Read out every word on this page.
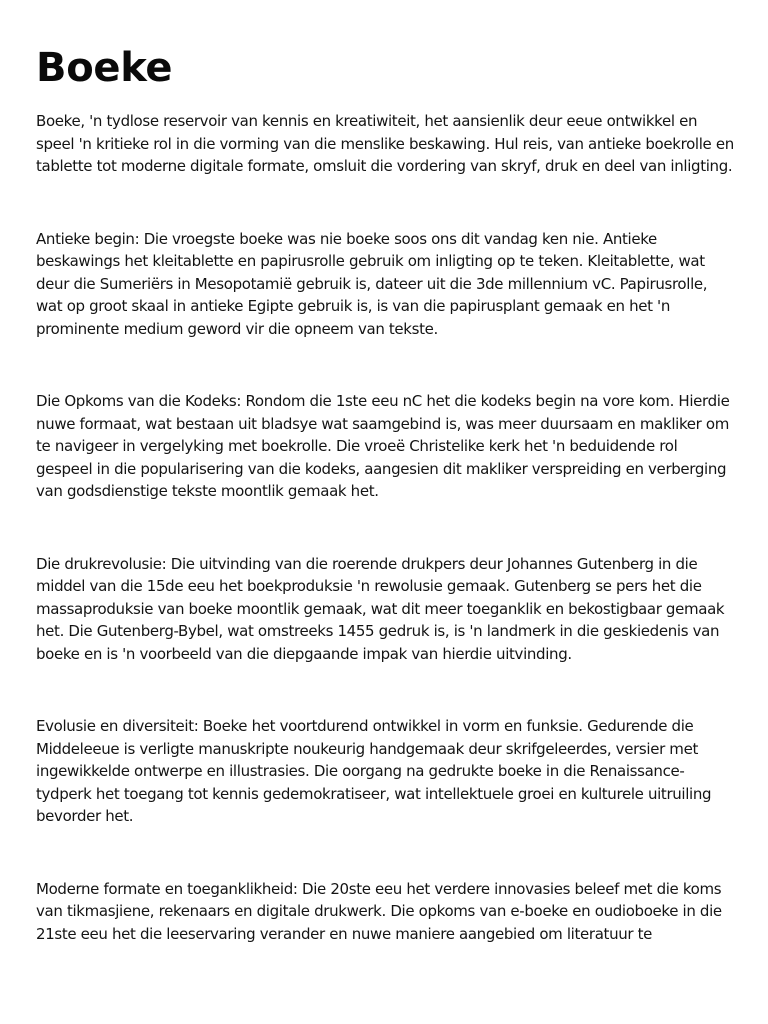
Boeke

Boeke, 'n tydlose reservoir van kennis en kreatiwiteit, het aansienlik deur eeue ontwikkel en speel 'n kritieke rol in die vorming van die menslike beskawing. Hul reis, van antieke boekrolle en tablette tot moderne digitale formate, omsluit die vordering van skryf, druk en deel van inligting.

Antieke begin: Die vroegste boeke was nie boeke soos ons dit vandag ken nie. Antieke beskawings het kleitablette en papirusrolle gebruik om inligting op te teken. Kleitablette, wat deur die Sumeriërs in Mesopotamië gebruik is, dateer uit die 3de millennium vC. Papirusrolle, wat op groot skaal in antieke Egipte gebruik is, is van die papirusplant gemaak en het 'n prominente medium geword vir die opneem van tekste.

Die Opkoms van die Kodeks: Rondom die 1ste eeu nC het die kodeks begin na vore kom. Hierdie nuwe formaat, wat bestaan uit bladsye wat saamgebind is, was meer duursaam en makliker om te navigeer in vergelyking met boekrolle. Die vroeë Christelike kerk het 'n beduidende rol gespeel in die popularisering van die kodeks, aangesien dit makliker verspreiding en verberging van godsdienstige tekste moontlik gemaak het.

Die drukrevolusie: Die uitvinding van die roerende drukpers deur Johannes Gutenberg in die middel van die 15de eeu het boekproduksie 'n rewolusie gemaak. Gutenberg se pers het die massaproduksie van boeke moontlik gemaak, wat dit meer toeganklik en bekostigbaar gemaak het. Die Gutenberg-Bybel, wat omstreeks 1455 gedruk is, is 'n landmerk in die geskiedenis van boeke en is 'n voorbeeld van die diepgaande impak van hierdie uitvinding.

Evolusie en diversiteit: Boeke het voortdurend ontwikkel in vorm en funksie. Gedurende die Middeleeue is verligte manuskripte noukeurig handgemaak deur skrifgeleerdes, versier met ingewikkelde ontwerpe en illustrasies. Die oorgang na gedrukte boeke in die Renaissance-tydperk het toegang tot kennis gedemokratiseer, wat intellektuele groei en kulturele uitruiling bevorder het.

Moderne formate en toeganklikheid: Die 20ste eeu het verdere innovasies beleef met die koms van tikmasjiene, rekenaars en digitale drukwerk. Die opkoms van e-boeke en oudioboeke in die 21ste eeu het die leeservaring verander en nuwe maniere aangebied om literatuur te
